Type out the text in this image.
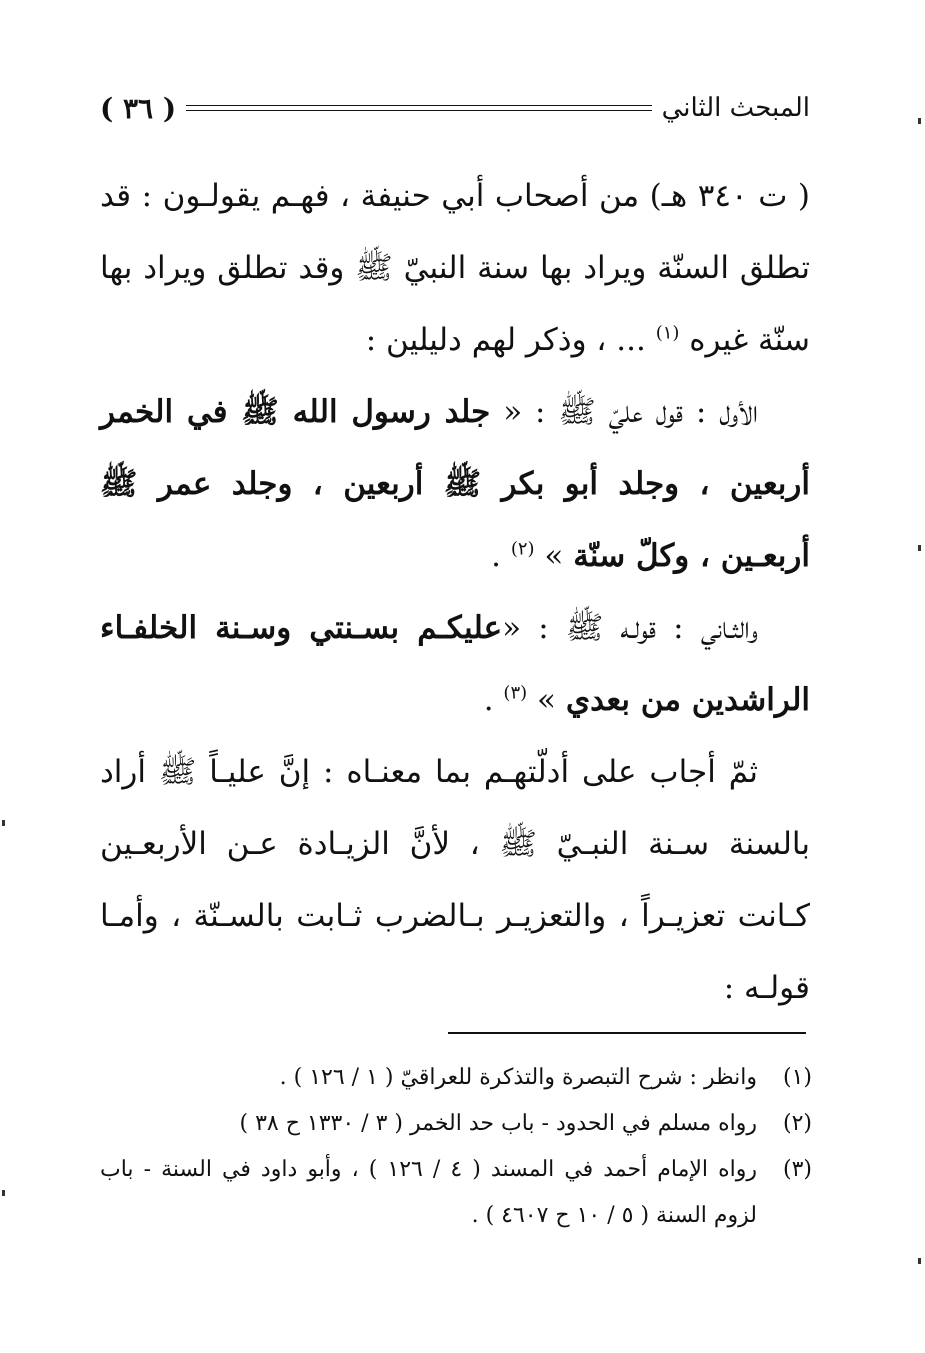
المبحث الثاني
( ٣٦ )

( ت ٣٤٠ هـ) من أصحاب أبي حنيفة ، فهـم يقولـون : قد تطلق السنّة ويراد بها سنة النبيّ ﷺ وقد تطلق ويراد بها سنّة غيره $^{(١)}$ ... ، وذكر لهم دليلين :

الأول : قول عليّ ﷺ : « جلد رسول الله ﷺ في الخمر أربعين ، وجلد أبو بكر ﷺ أربعين ، وجلد عمر ﷺ أربعـين ، وكلّ سنّة » $^{(٢)}$ .

والثـاني : قولـه ﷺ : «عليكـم بسـنتي وسـنة الخلفـاء الراشدين من بعدي » $^{(٣)}$ .

ثمّ أجاب على أدلّتهـم بما معنـاه : إنَّ عليـاً ﷺ أراد بالسنة سـنة النبـيّ ﷺ ، لأنَّ الزيـادة عـن الأربعـين كـانت تعزيـراً ، والتعزيـر بـالضرب ثـابت بالسـنّة ، وأمـا قولـه :

(١)
وانظر : شرح التبصرة والتذكرة للعراقيّ ( ١ / ١٢٦ ) .
(٢)
رواه مسلم في الحدود - باب حد الخمر ( ٣ / ١٣٣٠ ح ٣٨ )
(٣)
رواه الإمام أحمد في المسند ( ٤ / ١٢٦ ) ، وأبو داود في السنة - باب لزوم السنة ( ٥ / ١٠ ح ٤٦٠٧ ) .
